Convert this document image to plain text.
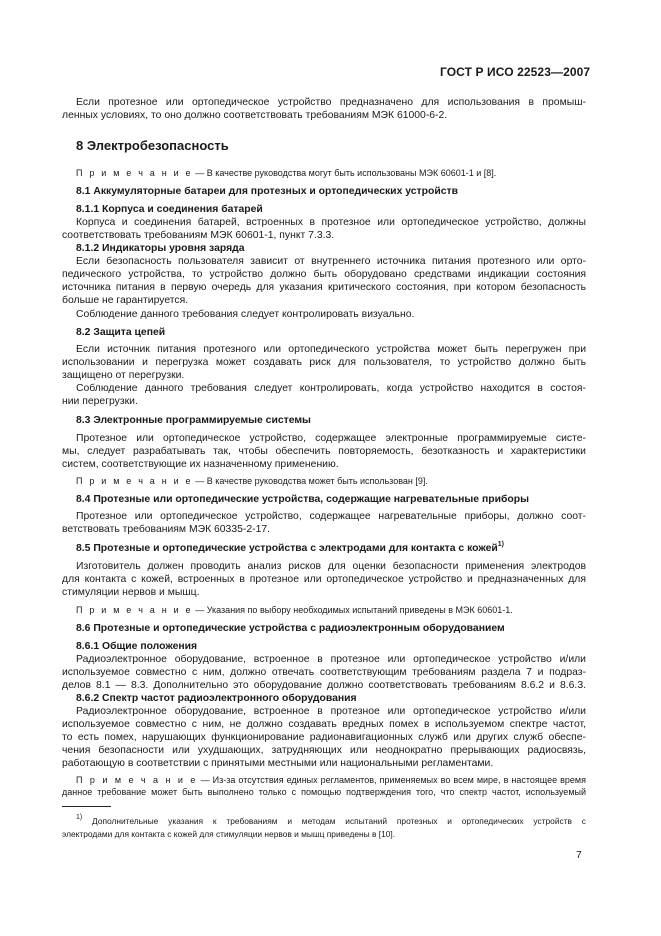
ГОСТ Р ИСО 22523—2007
Если протезное или ортопедическое устройство предназначено для использования в промыш-
ленных условиях, то оно должно соответствовать требованиям МЭК 61000-6-2.
8 Электробезопасность
П р и м е ч а н и е — В качестве руководства могут быть использованы МЭК 60601-1 и [8].
8.1 Аккумуляторные батареи для протезных и ортопедических устройств
8.1.1 Корпуса и соединения батарей
Корпуса и соединения батарей, встроенных в протезное или ортопедическое устройство, должны
соответствовать требованиям МЭК 60601-1, пункт 7.3.3.
8.1.2 Индикаторы уровня заряда
Если безопасность пользователя зависит от внутреннего источника питания протезного или орто-
педического устройства, то устройство должно быть оборудовано средствами индикации состояния
источника питания в первую очередь для указания критического состояния, при котором безопасность
больше не гарантируется.
Соблюдение данного требования следует контролировать визуально.
8.2 Защита цепей
Если источник питания протезного или ортопедического устройства может быть перегружен при
использовании и перегрузка может создавать риск для пользователя, то устройство должно быть
защищено от перегрузки.
Соблюдение данного требования следует контролировать, когда устройство находится в состоя-
нии перегрузки.
8.3 Электронные программируемые системы
Протезное или ортопедическое устройство, содержащее электронные программируемые систе-
мы, следует разрабатывать так, чтобы обеспечить повторяемость, безотказность и характеристики
систем, соответствующие их назначенному применению.
П р и м е ч а н и е — В качестве руководства может быть использован [9].
8.4 Протезные или ортопедические устройства, содержащие нагревательные приборы
Протезное или ортопедическое устройство, содержащее нагревательные приборы, должно соот-
ветствовать требованиям МЭК 60335-2-17.
8.5 Протезные и ортопедические устройства с электродами для контакта с кожей$^{1)}$
Изготовитель должен проводить анализ рисков для оценки безопасности применения электродов
для контакта с кожей, встроенных в протезное или ортопедическое устройство и предназначенных для
стимуляции нервов и мышц.
П р и м е ч а н и е — Указания по выбору необходимых испытаний приведены в МЭК 60601-1.
8.6 Протезные и ортопедические устройства с радиоэлектронным оборудованием
8.6.1 Общие положения
Радиоэлектронное оборудование, встроенное в протезное или ортопедическое устройство и/или
используемое совместно с ним, должно отвечать соответствующим требованиям раздела 7 и подраз-
делов 8.1 — 8.3. Дополнительно это оборудование должно соответствовать требованиям 8.6.2 и 8.6.3.
8.6.2 Спектр частот радиоэлектронного оборудования
Радиоэлектронное оборудование, встроенное в протезное или ортопедическое устройство и/или
используемое совместно с ним, не должно создавать вредных помех в используемом спектре частот,
то есть помех, нарушающих функционирование радионавигационных служб или других служб обеспе-
чения безопасности или ухудшающих, затрудняющих или неоднократно прерывающих радиосвязь,
работающую в соответствии с принятыми местными или национальными регламентами.
П р и м е ч а н и е — Из-за отсутствия единых регламентов, применяемых во всем мире, в настоящее время
данное требование может быть выполнено только с помощью подтверждения того, что спектр частот, используемый
$^{1)}$ Дополнительные указания к требованиям и методам испытаний протезных и ортопедических устройств с
электродами для контакта с кожей для стимуляции нервов и мышц приведены в [10].
7
